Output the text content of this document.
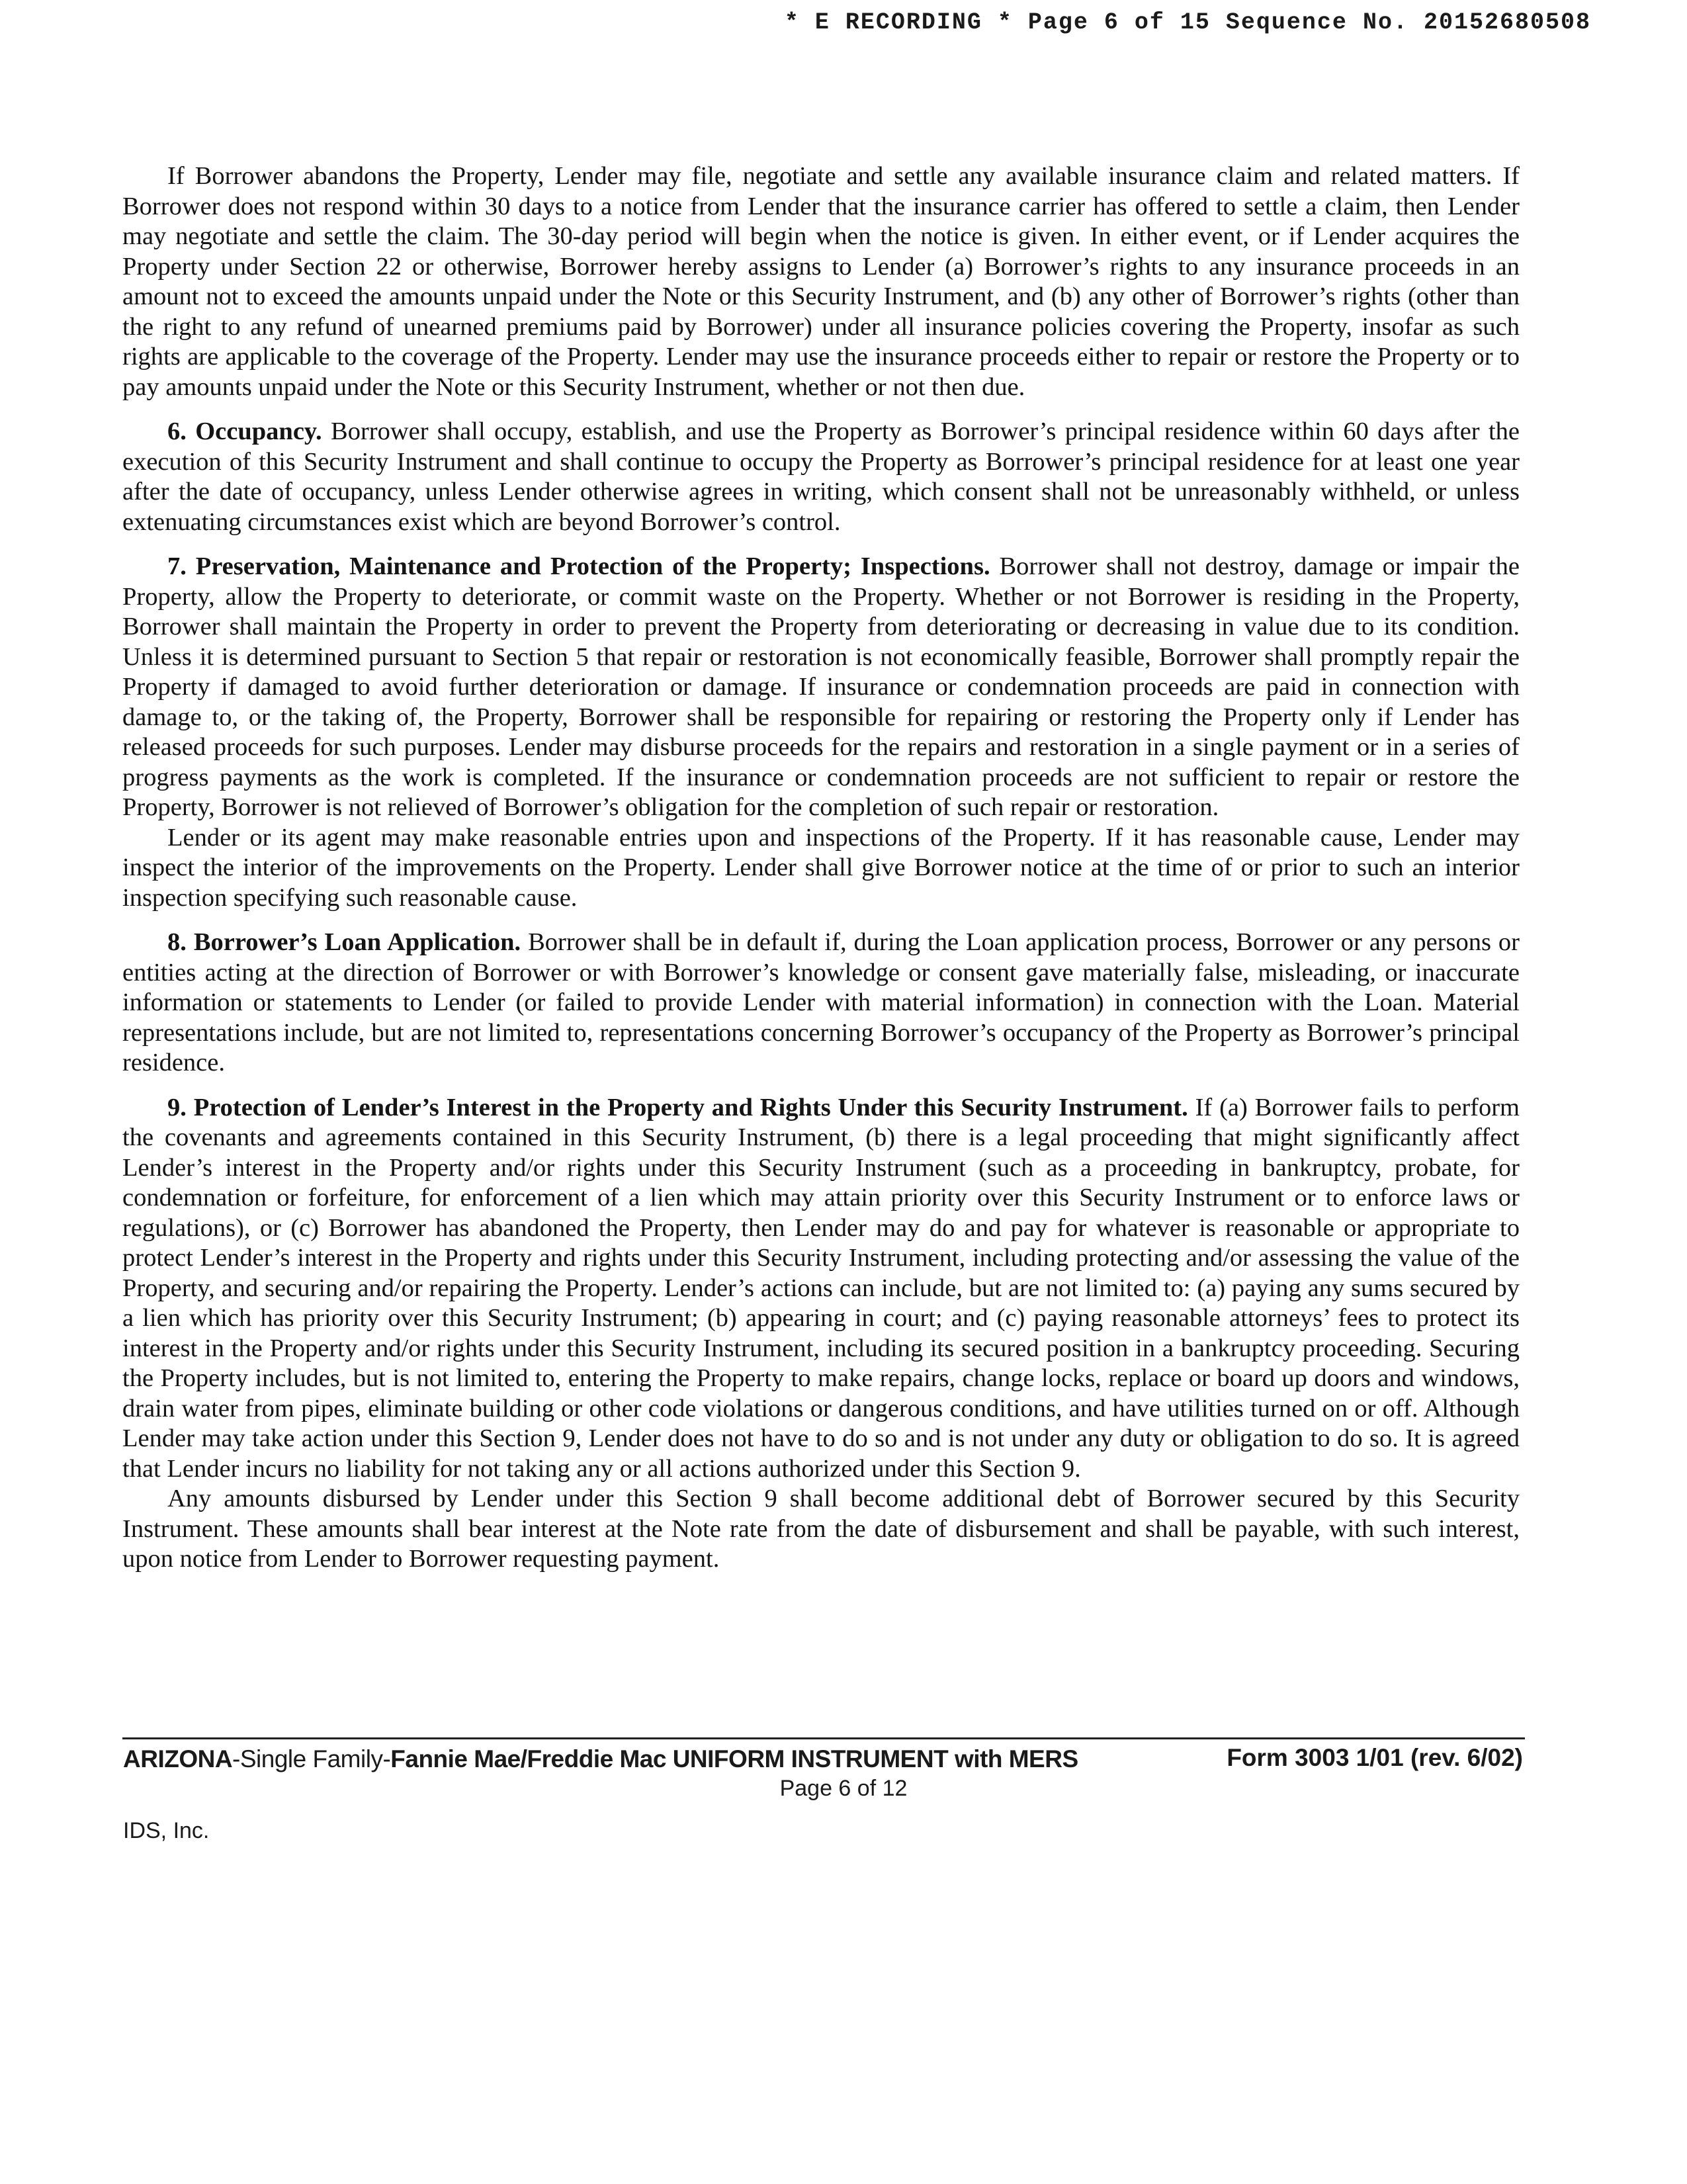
* E RECORDING * Page 6 of 15 Sequence No. 20152680508

If Borrower abandons the Property, Lender may file, negotiate and settle any available insurance claim and related matters. If Borrower does not respond within 30 days to a notice from Lender that the insurance carrier has offered to settle a claim, then Lender may negotiate and settle the claim. The 30-day period will begin when the notice is given. In either event, or if Lender acquires the Property under Section 22 or otherwise, Borrower hereby assigns to Lender (a) Borrower’s rights to any insurance proceeds in an amount not to exceed the amounts unpaid under the Note or this Security Instrument, and (b) any other of Borrower’s rights (other than the right to any refund of unearned premiums paid by Borrower) under all insurance policies covering the Property, insofar as such rights are applicable to the coverage of the Property. Lender may use the insurance proceeds either to repair or restore the Property or to pay amounts unpaid under the Note or this Security Instrument, whether or not then due.

6. Occupancy. Borrower shall occupy, establish, and use the Property as Borrower’s principal residence within 60 days after the execution of this Security Instrument and shall continue to occupy the Property as Borrower’s principal residence for at least one year after the date of occupancy, unless Lender otherwise agrees in writing, which consent shall not be unreasonably withheld, or unless extenuating circumstances exist which are beyond Borrower’s control.

7. Preservation, Maintenance and Protection of the Property; Inspections. Borrower shall not destroy, damage or impair the Property, allow the Property to deteriorate, or commit waste on the Property. Whether or not Borrower is residing in the Property, Borrower shall maintain the Property in order to prevent the Property from deteriorating or decreasing in value due to its condition. Unless it is determined pursuant to Section 5 that repair or restoration is not economically feasible, Borrower shall promptly repair the Property if damaged to avoid further deterioration or damage. If insurance or condemnation proceeds are paid in connection with damage to, or the taking of, the Property, Borrower shall be responsible for repairing or restoring the Property only if Lender has released proceeds for such purposes. Lender may disburse proceeds for the repairs and restoration in a single payment or in a series of progress payments as the work is completed. If the insurance or condemnation proceeds are not sufficient to repair or restore the Property, Borrower is not relieved of Borrower’s obligation for the completion of such repair or restoration.

Lender or its agent may make reasonable entries upon and inspections of the Property. If it has reasonable cause, Lender may inspect the interior of the improvements on the Property. Lender shall give Borrower notice at the time of or prior to such an interior inspection specifying such reasonable cause.

8. Borrower’s Loan Application. Borrower shall be in default if, during the Loan application process, Borrower or any persons or entities acting at the direction of Borrower or with Borrower’s knowledge or consent gave materially false, misleading, or inaccurate information or statements to Lender (or failed to provide Lender with material information) in connection with the Loan. Material representations include, but are not limited to, representations concerning Borrower’s occupancy of the Property as Borrower’s principal residence.

9. Protection of Lender’s Interest in the Property and Rights Under this Security Instrument. If (a) Borrower fails to perform the covenants and agreements contained in this Security Instrument, (b) there is a legal proceeding that might significantly affect Lender’s interest in the Property and/or rights under this Security Instrument (such as a proceeding in bankruptcy, probate, for condemnation or forfeiture, for enforcement of a lien which may attain priority over this Security Instrument or to enforce laws or regulations), or (c) Borrower has abandoned the Property, then Lender may do and pay for whatever is reasonable or appropriate to protect Lender’s interest in the Property and rights under this Security Instrument, including protecting and/or assessing the value of the Property, and securing and/or repairing the Property. Lender’s actions can include, but are not limited to: (a) paying any sums secured by a lien which has priority over this Security Instrument; (b) appearing in court; and (c) paying reasonable attorneys’ fees to protect its interest in the Property and/or rights under this Security Instrument, including its secured position in a bankruptcy proceeding. Securing the Property includes, but is not limited to, entering the Property to make repairs, change locks, replace or board up doors and windows, drain water from pipes, eliminate building or other code violations or dangerous conditions, and have utilities turned on or off. Although Lender may take action under this Section 9, Lender does not have to do so and is not under any duty or obligation to do so. It is agreed that Lender incurs no liability for not taking any or all actions authorized under this Section 9.

Any amounts disbursed by Lender under this Section 9 shall become additional debt of Borrower secured by this Security Instrument. These amounts shall bear interest at the Note rate from the date of disbursement and shall be payable, with such interest, upon notice from Lender to Borrower requesting payment.

ARIZONA-Single Family-Fannie Mae/Freddie Mac UNIFORM INSTRUMENT with MERS	Form 3003 1/01 (rev. 6/02)
Page 6 of 12
IDS, Inc.
